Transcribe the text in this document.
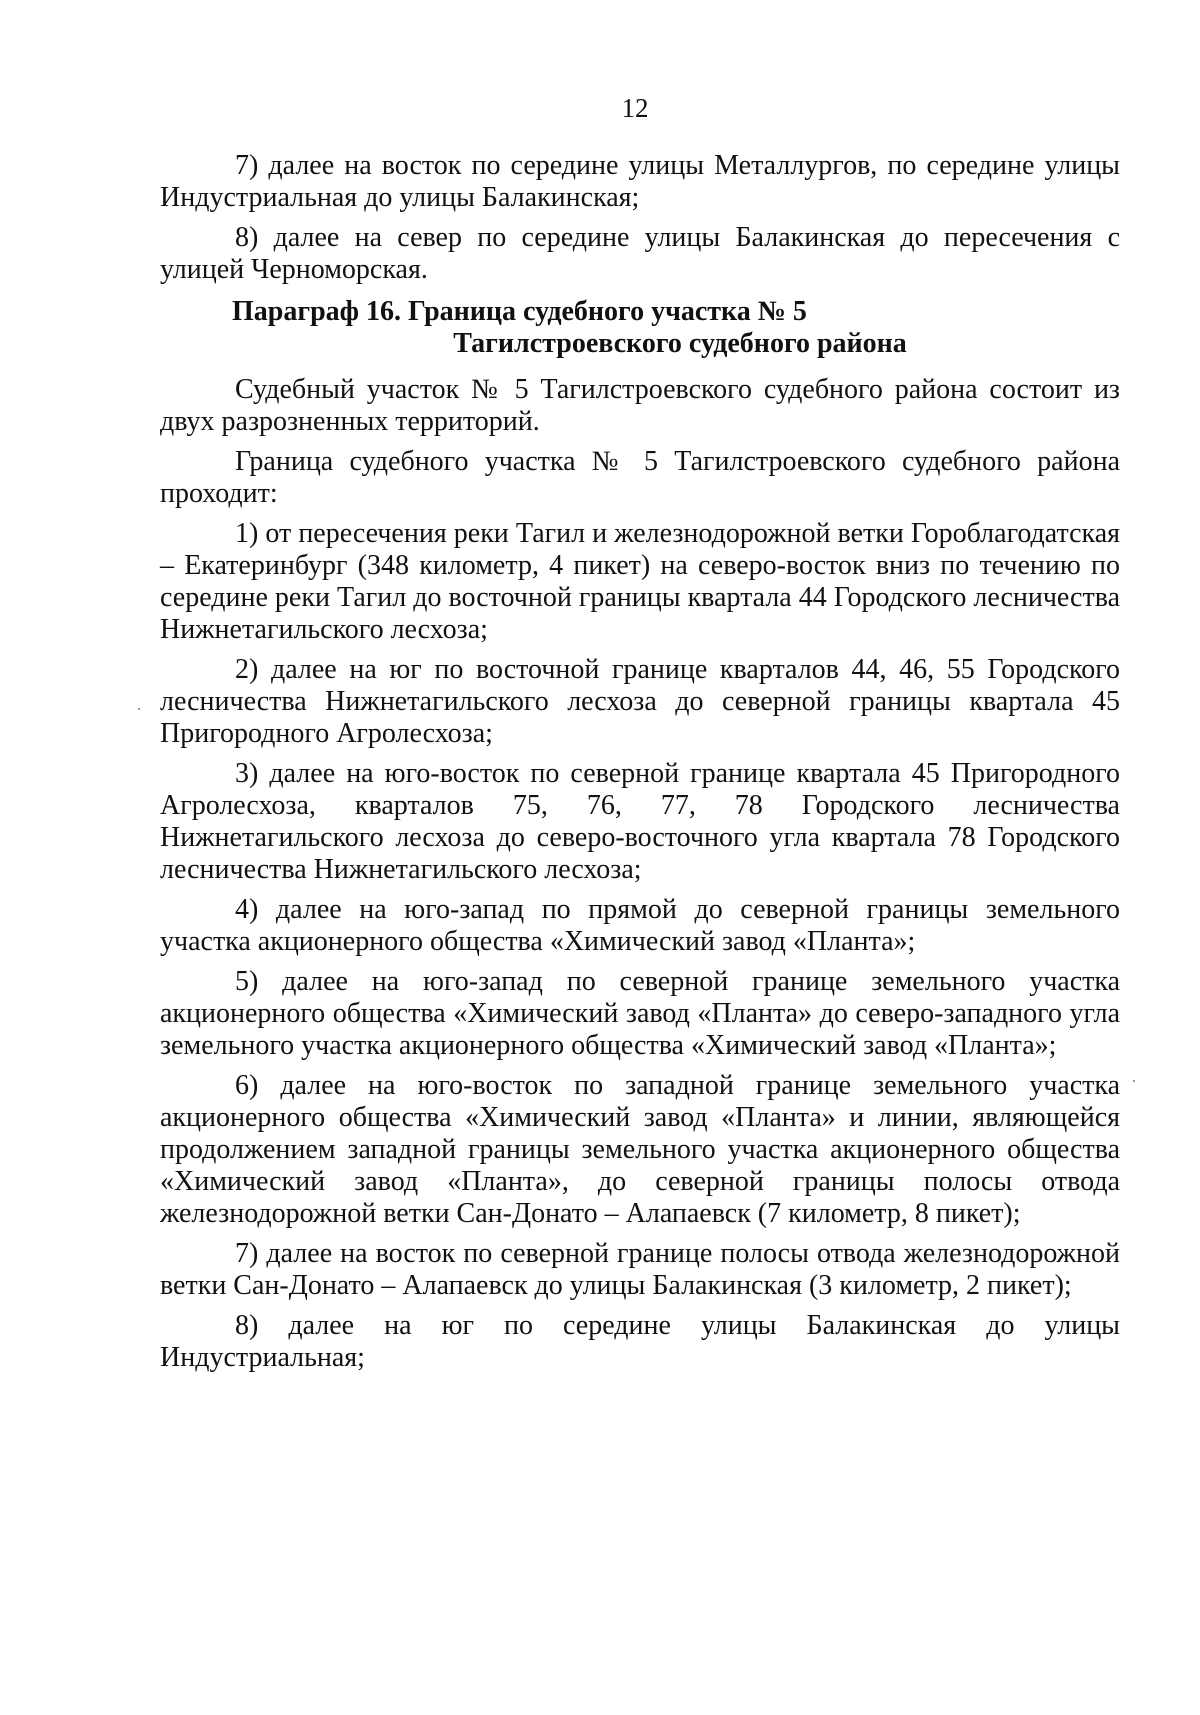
12

7) далее на восток по середине улицы Металлургов, по середине улицы Индустриальная до улицы Балакинская;

8) далее на север по середине улицы Балакинская до пересечения с улицей Черноморская.

Параграф 16. Граница судебного участка № 5
Тагилстроевского судебного района

Судебный участок № 5 Тагилстроевского судебного района состоит из двух разрозненных территорий.

Граница судебного участка № 5 Тагилстроевского судебного района проходит:

1) от пересечения реки Тагил и железнодорожной ветки Гороблагодатская – Екатеринбург (348 километр, 4 пикет) на северо-восток вниз по течению по середине реки Тагил до восточной границы квартала 44 Городского лесничества Нижнетагильского лесхоза;

2) далее на юг по восточной границе кварталов 44, 46, 55 Городского лесничества Нижнетагильского лесхоза до северной границы квартала 45 Пригородного Агролесхоза;

3) далее на юго-восток по северной границе квартала 45 Пригородного Агролесхоза, кварталов 75, 76, 77, 78 Городского лесничества Нижнетагильского лесхоза до северо-восточного угла квартала 78 Городского лесничества Нижнетагильского лесхоза;

4) далее на юго-запад по прямой до северной границы земельного участка акционерного общества «Химический завод «Планта»;

5) далее на юго-запад по северной границе земельного участка акционерного общества «Химический завод «Планта» до северо-западного угла земельного участка акционерного общества «Химический завод «Планта»;

6) далее на юго-восток по западной границе земельного участка акционерного общества «Химический завод «Планта» и линии, являющейся продолжением западной границы земельного участка акционерного общества «Химический завод «Планта», до северной границы полосы отвода железнодорожной ветки Сан-Донато – Алапаевск (7 километр, 8 пикет);

7) далее на восток по северной границе полосы отвода железнодорожной ветки Сан-Донато – Алапаевск до улицы Балакинская (3 километр, 2 пикет);

8) далее на юг по середине улицы Балакинская до улицы Индустриальная;
